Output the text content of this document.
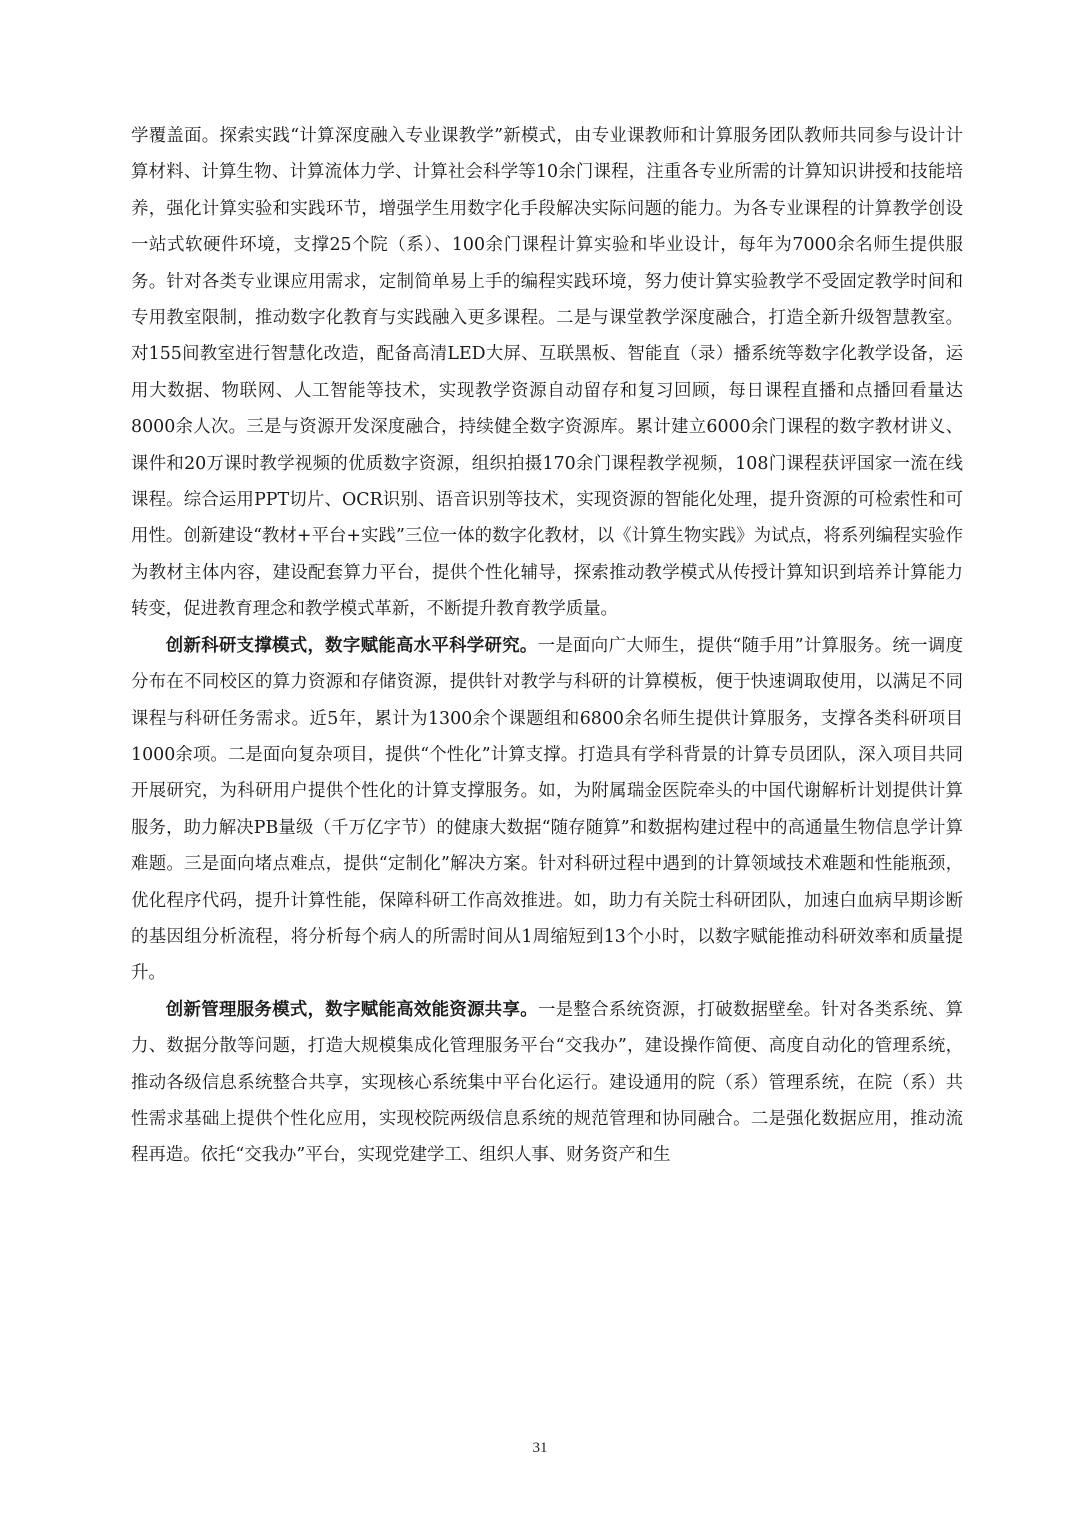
学覆盖面。探索实践“计算深度融入专业课教学”新模式，由专业课教师和计算服务团队教师共同参与设计计算材料、计算生物、计算流体力学、计算社会科学等10余门课程，注重各专业所需的计算知识讲授和技能培养，强化计算实验和实践环节，增强学生用数字化手段解决实际问题的能力。为各专业课程的计算教学创设一站式软硬件环境，支撑25个院（系）、100余门课程计算实验和毕业设计，每年为7000余名师生提供服务。针对各类专业课应用需求，定制简单易上手的编程实践环境，努力使计算实验教学不受固定教学时间和专用教室限制，推动数字化教育与实践融入更多课程。二是与课堂教学深度融合，打造全新升级智慧教室。对155间教室进行智慧化改造，配备高清LED大屏、互联黑板、智能直（录）播系统等数字化教学设备，运用大数据、物联网、人工智能等技术，实现教学资源自动留存和复习回顾，每日课程直播和点播回看量达8000余人次。三是与资源开发深度融合，持续健全数字资源库。累计建立6000余门课程的数字教材讲义、课件和20万课时教学视频的优质数字资源，组织拍摄170余门课程教学视频，108门课程获评国家一流在线课程。综合运用PPT切片、OCR识别、语音识别等技术，实现资源的智能化处理，提升资源的可检索性和可用性。创新建设“教材+平台+实践”三位一体的数字化教材，以《计算生物实践》为试点，将系列编程实验作为教材主体内容，建设配套算力平台，提供个性化辅导，探索推动教学模式从传授计算知识到培养计算能力转变，促进教育理念和教学模式革新，不断提升教育教学质量。

创新科研支撑模式，数字赋能高水平科学研究。一是面向广大师生，提供“随手用”计算服务。统一调度分布在不同校区的算力资源和存储资源，提供针对教学与科研的计算模板，便于快速调取使用，以满足不同课程与科研任务需求。近5年，累计为1300余个课题组和6800余名师生提供计算服务，支撑各类科研项目1000余项。二是面向复杂项目，提供“个性化”计算支撑。打造具有学科背景的计算专员团队，深入项目共同开展研究，为科研用户提供个性化的计算支撑服务。如，为附属瑞金医院牵头的中国代谢解析计划提供计算服务，助力解决PB量级（千万亿字节）的健康大数据“随存随算”和数据构建过程中的高通量生物信息学计算难题。三是面向堵点难点，提供“定制化”解决方案。针对科研过程中遇到的计算领域技术难题和性能瓶颈，优化程序代码，提升计算性能，保障科研工作高效推进。如，助力有关院士科研团队，加速白血病早期诊断的基因组分析流程，将分析每个病人的所需时间从1周缩短到13个小时，以数字赋能推动科研效率和质量提升。

创新管理服务模式，数字赋能高效能资源共享。一是整合系统资源，打破数据壁垒。针对各类系统、算力、数据分散等问题，打造大规模集成化管理服务平台“交我办”，建设操作简便、高度自动化的管理系统，推动各级信息系统整合共享，实现核心系统集中平台化运行。建设通用的院（系）管理系统，在院（系）共性需求基础上提供个性化应用，实现校院两级信息系统的规范管理和协同融合。二是强化数据应用，推动流程再造。依托“交我办”平台，实现党建学工、组织人事、财务资产和生

31
